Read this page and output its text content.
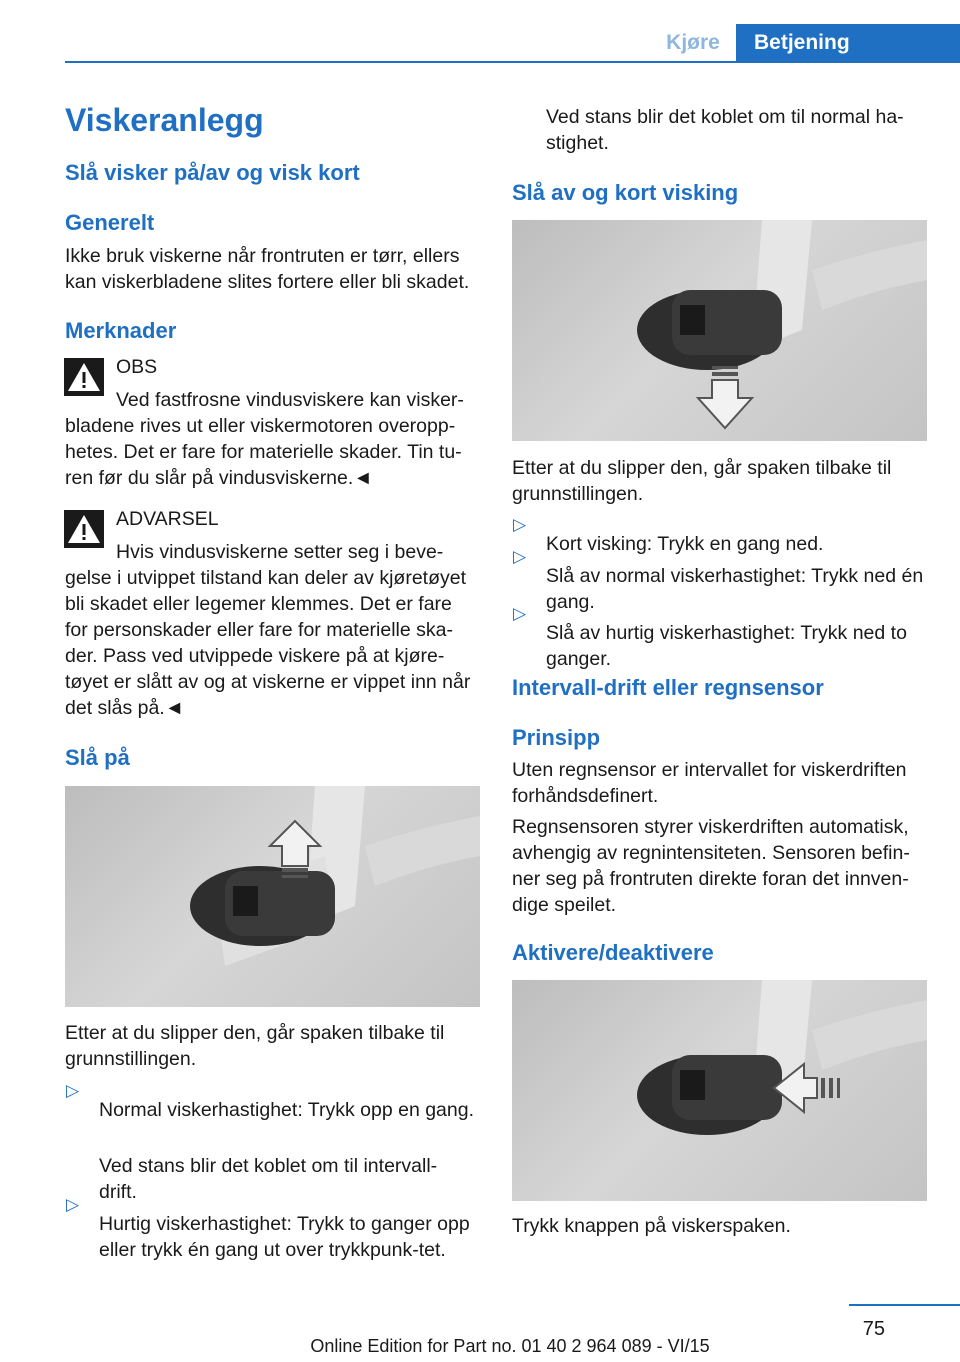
Kjøre	Betjening
Viskeranlegg
Slå visker på/av og visk kort
Generelt

Ikke bruk viskerne når frontruten er tørr, ellers kan viskerbladene slites fortere eller bli skadet.

Merknader
OBS

Ved fastfrosne vindusviskere kan visker-bladene rives ut eller viskermotoren overopp-hetes. Det er fare for materielle skader. Tin tu-ren før du slår på vindusviskerne.◄

ADVARSEL

Hvis vindusviskerne setter seg i beve-gelse i utvippet tilstand kan deler av kjøretøyet bli skadet eller legemer klemmes. Det er fare for personskader eller fare for materielle ska-der. Pass ved utvippede viskere på at kjøre-tøyet er slått av og at viskerne er vippet inn når det slås på.◄

Slå på

Etter at du slipper den, går spaken tilbake til grunnstillingen.

▷

Normal viskerhastighet: Trykk opp en gang.

Ved stans blir det koblet om til intervall-drift.

▷

Hurtig viskerhastighet: Trykk to ganger opp eller trykk én gang ut over trykkpunk-tet.

Ved stans blir det koblet om til normal ha-stighet.

Slå av og kort visking

Etter at du slipper den, går spaken tilbake til grunnstillingen.

▷

Kort visking: Trykk en gang ned.

▷

Slå av normal viskerhastighet: Trykk ned én gang.

▷

Slå av hurtig viskerhastighet: Trykk ned to ganger.

Intervall-drift eller regnsensor
Prinsipp

Uten regnsensor er intervallet for viskerdriften forhåndsdefinert.

Regnsensoren styrer viskerdriften automatisk, avhengig av regnintensiteten. Sensoren befin-ner seg på frontruten direkte foran det innven-dige speilet.

Aktivere/deaktivere

Trykk knappen på viskerspaken.

75
Online Edition for Part no. 01 40 2 964 089 - VI/15
